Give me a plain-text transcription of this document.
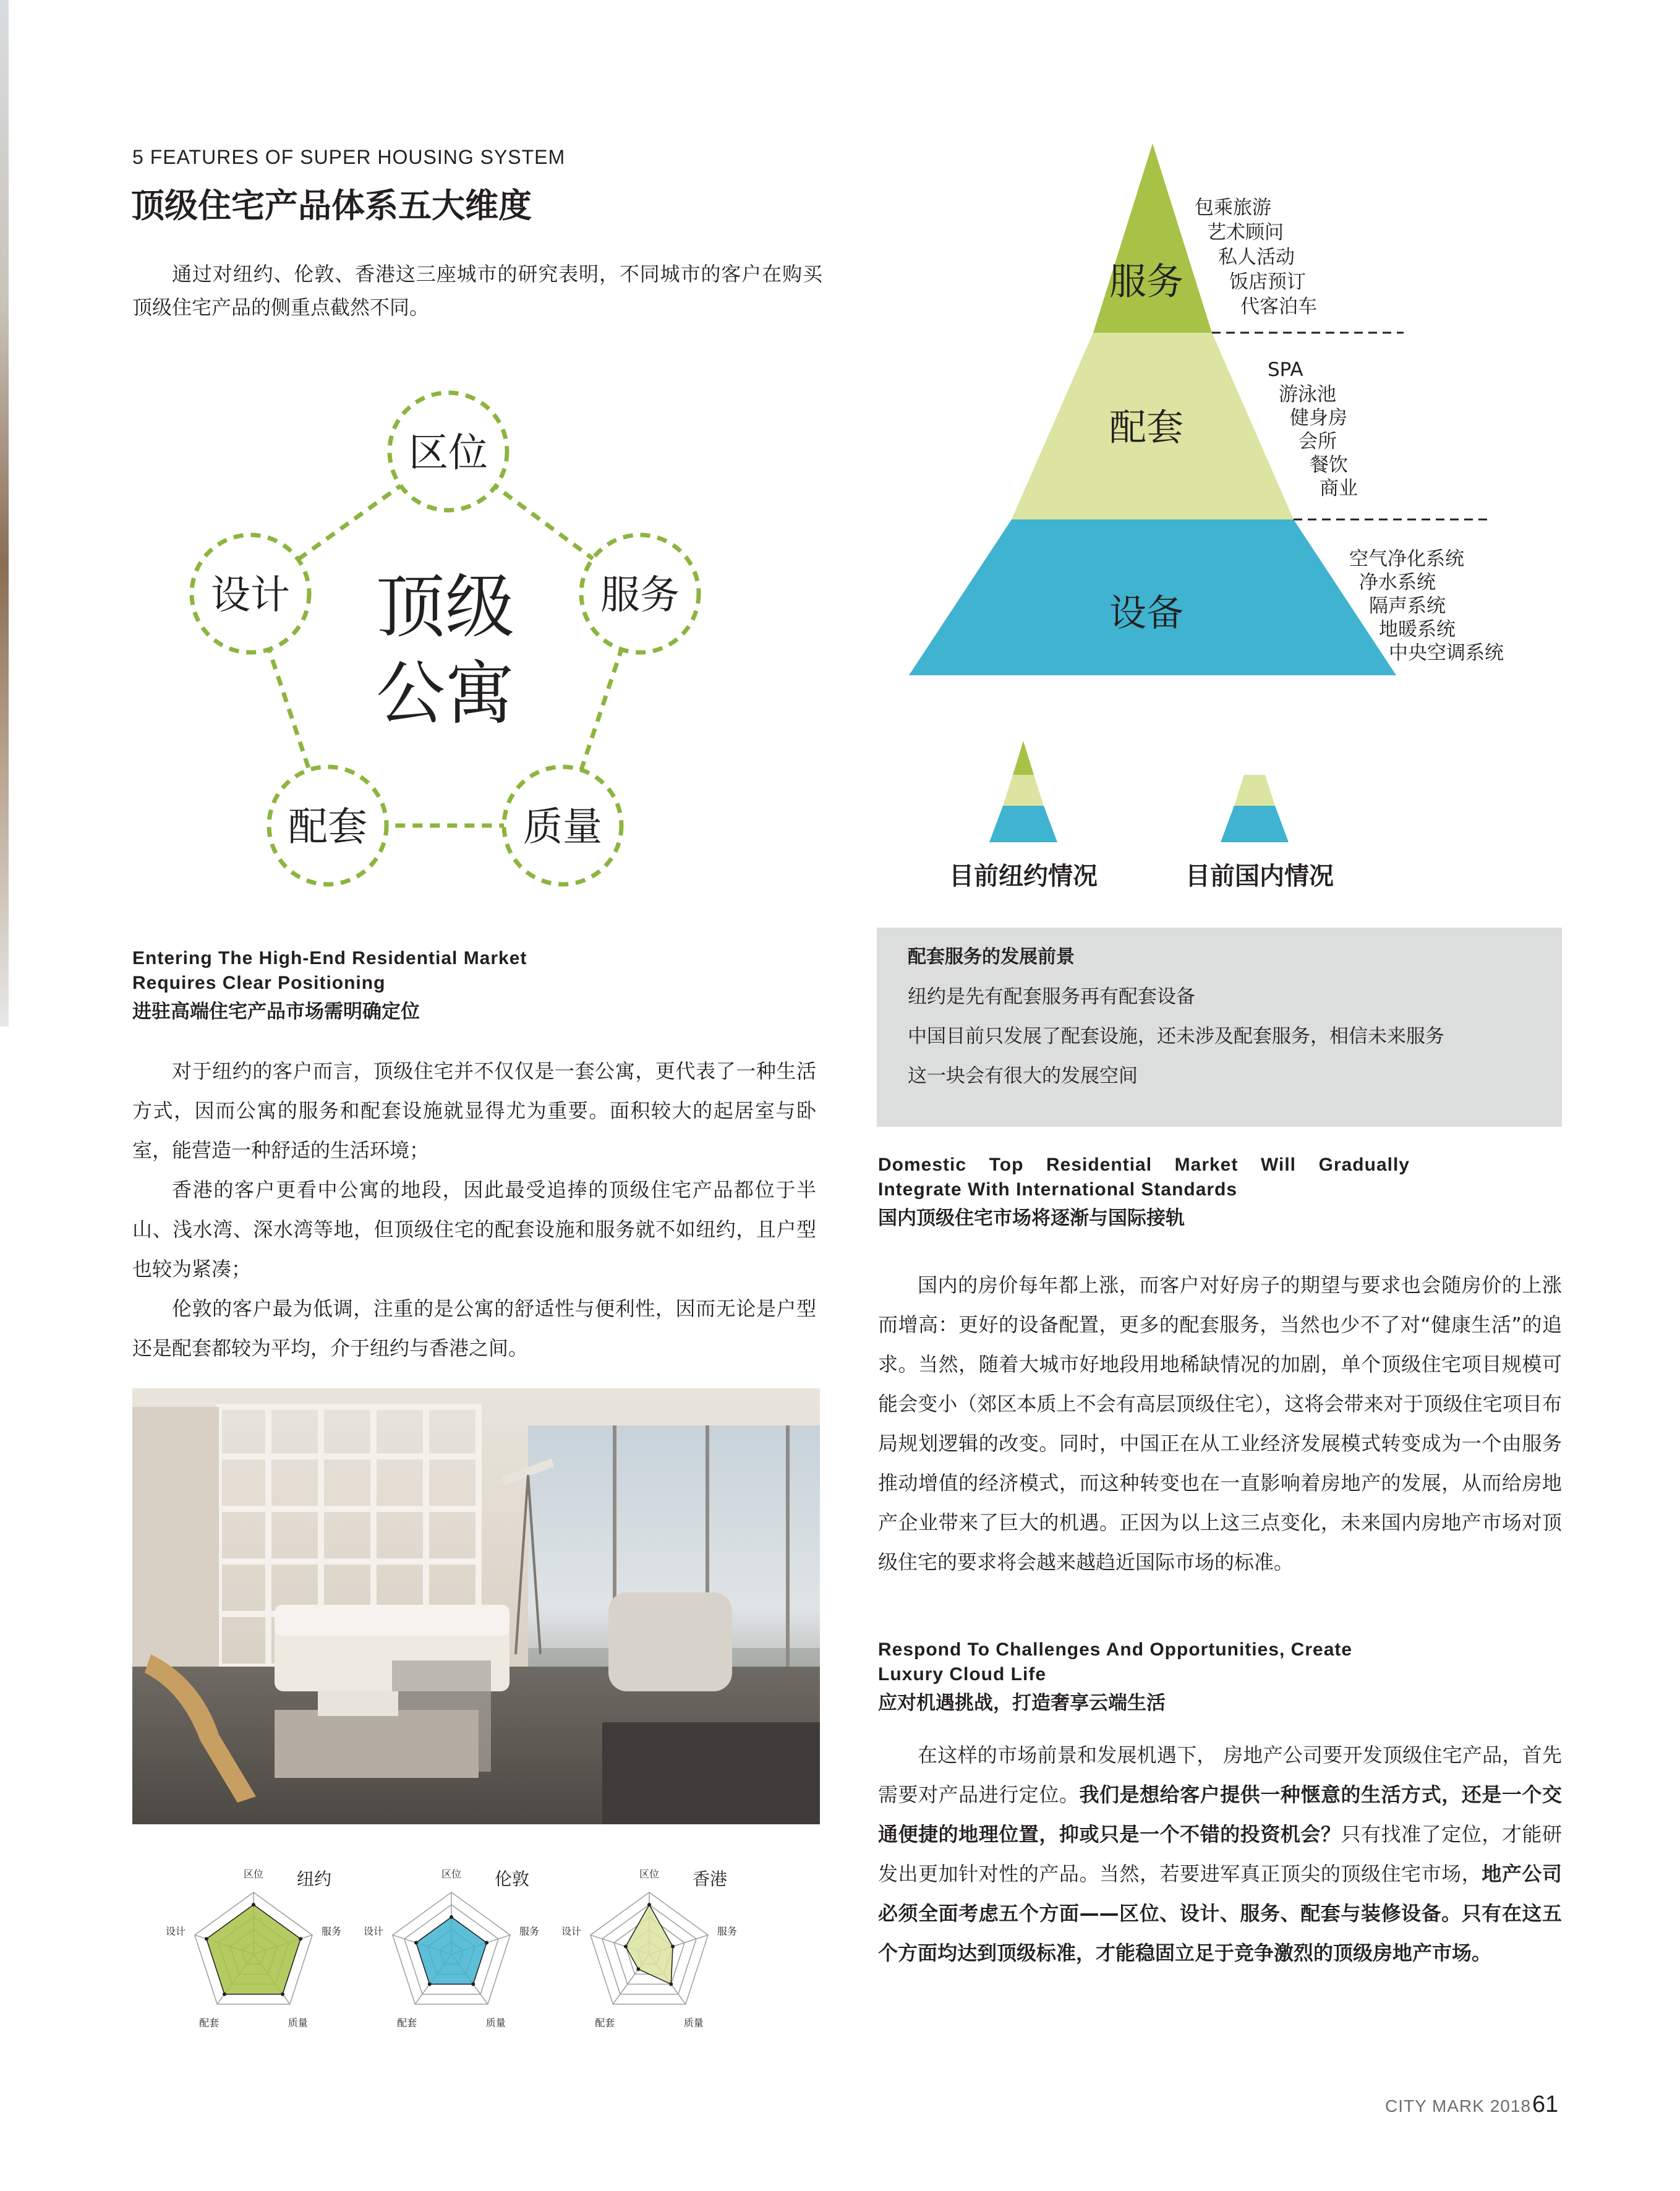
5 FEATURES OF SUPER HOUSING SYSTEM
顶级住宅产品体系五大维度

通过对纽约、伦敦、香港这三座城市的研究表明，不同城市的客户在购买顶级住宅产品的侧重点截然不同。

区位
服务
质量
配套
设计 顶级
公寓
Entering The High-End Residential Market Requires Clear Positioning
进驻高端住宅产品市场需明确定位

对于纽约的客户而言，顶级住宅并不仅仅是一套公寓，更代表了一种生活方式，因而公寓的服务和配套设施就显得尤为重要。面积较大的起居室与卧室，能营造一种舒适的生活环境；

香港的客户更看中公寓的地段，因此最受追捧的顶级住宅产品都位于半山、浅水湾、深水湾等地，但顶级住宅的配套设施和服务就不如纽约，且户型也较为紧凑；

伦敦的客户最为低调，注重的是公寓的舒适性与便利性，因而无论是户型还是配套都较为平均，介于纽约与香港之间。

区位
服务
质量
配套
设计
纽约	区位
服务
质量
配套
设计
伦敦	区位
服务
质量
配套
设计
香港
服务
配套
设备
包乘旅游
艺术顾问
私人活动
饭店预订
代客泊车
SPA
游泳池
健身房
会所
餐饮
商业
空气净化系统
净水系统
隔声系统
地暖系统
中央空调系统
目前纽约情况	目前国内情况

配套服务的发展前景

纽约是先有配套服务再有配套设备

中国目前只发展了配套设施，还未涉及配套服务，相信未来服务

这一块会有很大的发展空间

Domestic Top Residential Market Will Gradually Integrate With International Standards
国内顶级住宅市场将逐渐与国际接轨

国内的房价每年都上涨，而客户对好房子的期望与要求也会随房价的上涨而增高：更好的设备配置，更多的配套服务，当然也少不了对“健康生活”的追求。当然，随着大城市好地段用地稀缺情况的加剧，单个顶级住宅项目规模可能会变小（郊区本质上不会有高层顶级住宅），这将会带来对于顶级住宅项目布局规划逻辑的改变。同时，中国正在从工业经济发展模式转变成为一个由服务推动增值的经济模式，而这种转变也在一直影响着房地产的发展，从而给房地产企业带来了巨大的机遇。正因为以上这三点变化，未来国内房地产市场对顶级住宅的要求将会越来越趋近国际市场的标准。

Respond To Challenges And Opportunities, Create Luxury Cloud Life
应对机遇挑战，打造奢享云端生活

在这样的市场前景和发展机遇下， 房地产公司要开发顶级住宅产品，首先需要对产品进行定位。我们是想给客户提供一种惬意的生活方式，还是一个交通便捷的地理位置，抑或只是一个不错的投资机会？只有找准了定位，才能研发出更加针对性的产品。当然，若要进军真正顶尖的顶级住宅市场，地产公司必须全面考虑五个方面——区位、设计、服务、配套与装修设备。只有在这五个方面均达到顶级标准，才能稳固立足于竞争激烈的顶级房地产市场。

CITY MARK 2018 61
